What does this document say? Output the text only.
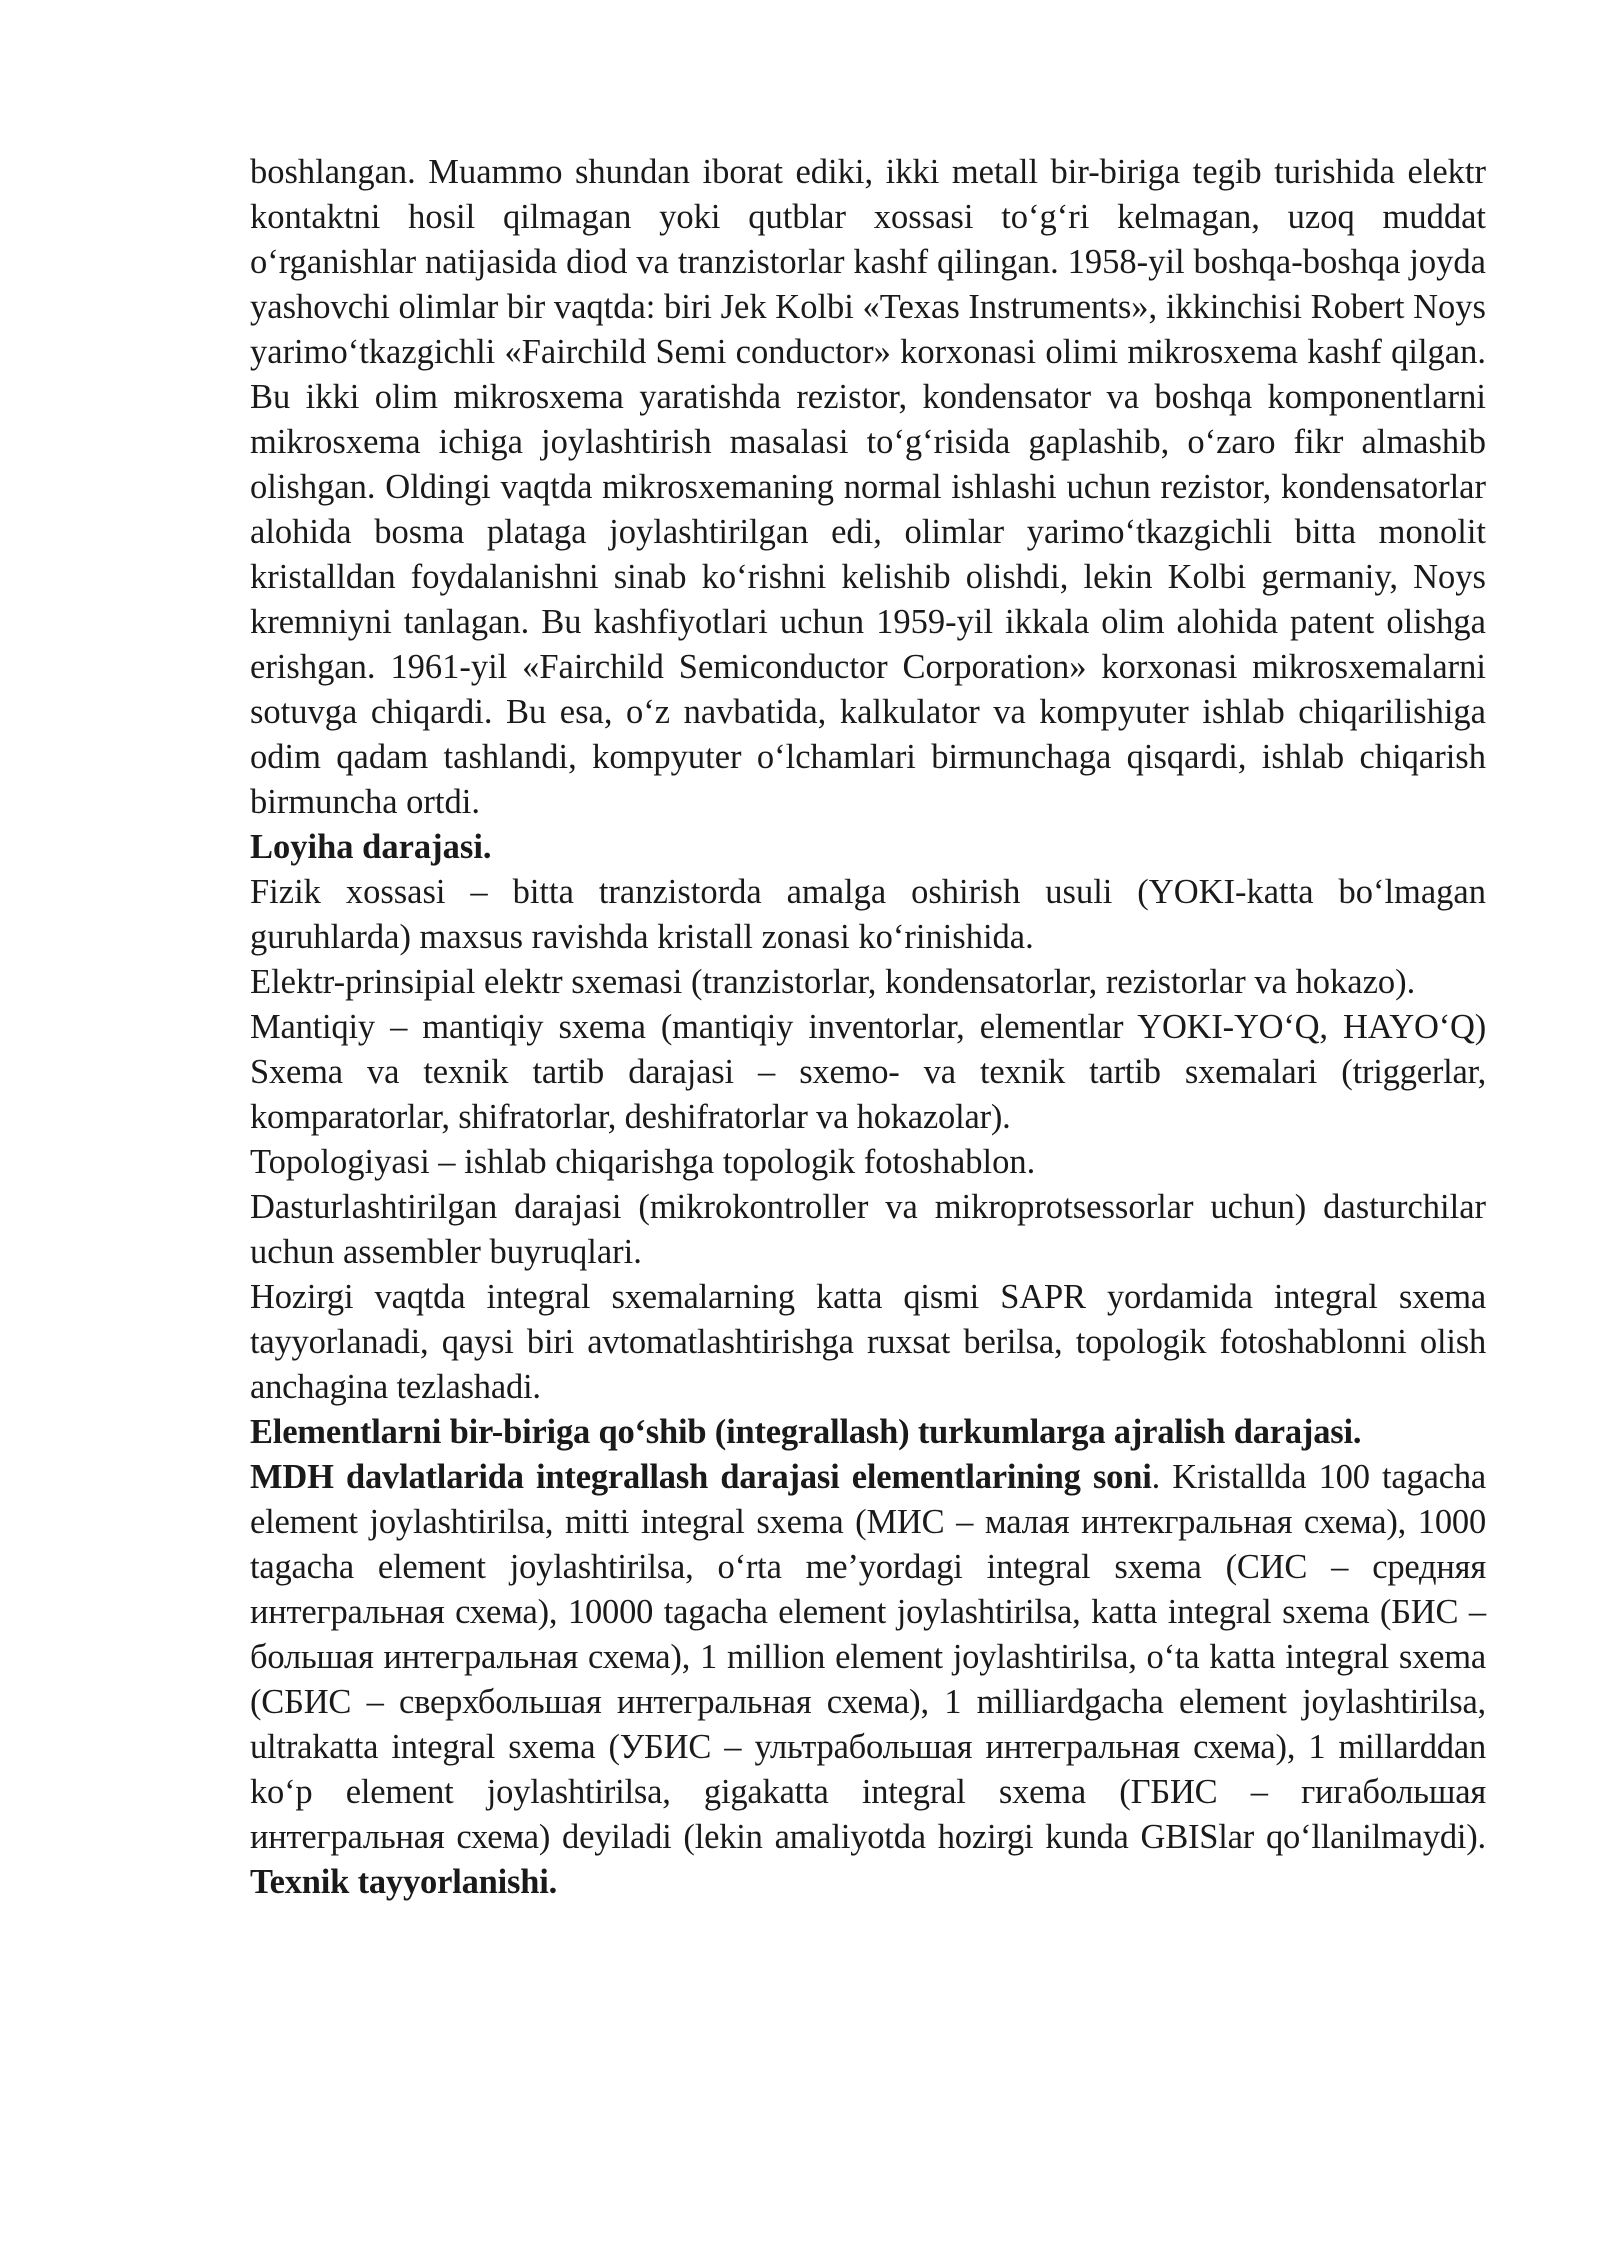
boshlangan. Muammo shundan iborat ediki, ikki metall bir-biriga tegib turishida elektr kontaktni hosil qilmagan yoki qutblar xossasi to‘g‘ri kelmagan, uzoq muddat o‘rganishlar natijasida diod va tranzistorlar kashf qilingan. 1958-yil boshqa-boshqa joyda yashovchi olimlar bir vaqtda: biri Jek Kolbi «Texas Instruments», ikkinchisi Robert Noys yarimo‘tkazgichli «Fairchild Semi conductor» korxonasi olimi mikrosxema kashf qilgan. Bu ikki olim mikrosxema yaratishda rezistor, kondensator va boshqa komponentlarni mikrosxema ichiga joylashtirish masalasi to‘g‘risida gaplashib, o‘zaro fikr almashib olishgan. Oldingi vaqtda mikrosxemaning normal ishlashi uchun rezistor, kondensatorlar alohida bosma plataga joylashtirilgan edi, olimlar yarimo‘tkazgichli bitta monolit kristalldan foydalanishni sinab ko‘rishni kelishib olishdi, lekin Kolbi germaniy, Noys kremniyni tanlagan. Bu kashfiyotlari uchun 1959-yil ikkala olim alohida patent olishga erishgan. 1961-yil «Fairchild Semiconductor Corporation» korxonasi mikrosxemalarni sotuvga chiqardi. Bu esa, o‘z navbatida, kalkulator va kompyuter ishlab chiqarilishiga odim qadam tashlandi, kompyuter o‘lchamlari birmunchaga qisqardi, ishlab chiqarish birmuncha ortdi.

Loyiha darajasi.

Fizik xossasi – bitta tranzistorda amalga oshirish usuli (YOKI-katta bo‘lmagan guruhlarda) maxsus ravishda kristall zonasi ko‘rinishida.

Elektr-prinsipial elektr sxemasi (tranzistorlar, kondensatorlar, rezistorlar va hokazo).

Mantiqiy – mantiqiy sxema (mantiqiy inventorlar, elementlar YOKI-YO‘Q, HAYO‘Q) Sxema va texnik tartib darajasi – sxemo- va texnik tartib sxemalari (triggerlar, komparatorlar, shifratorlar, deshifratorlar va hokazolar).

Topologiyasi – ishlab chiqarishga topologik fotoshablon.

Dasturlashtirilgan darajasi (mikrokontroller va mikroprotsessorlar uchun) dasturchilar uchun assembler buyruqlari.

Hozirgi vaqtda integral sxemalarning katta qismi SAPR yordamida integral sxema tayyorlanadi, qaysi biri avtomatlashtirishga ruxsat berilsa, topologik fotoshablonni olish anchagina tezlashadi.

Elementlarni bir-biriga qo‘shib (integrallash) turkumlarga ajralish darajasi.

MDH davlatlarida integrallash darajasi elementlarining soni. Kristallda 100 tagacha element joylashtirilsa, mitti integral sxema (МИС – малая интекгральная схема), 1000 tagacha element joylashtirilsa, o‘rta me’yordagi integral sxema (СИС – средняя интегральная схема), 10000 tagacha element joylashtirilsa, katta integral sxema (БИС – большая интегральная схема), 1 million element joylashtirilsa, o‘ta katta integral sxema (СБИС – сверхбольшая интегральная схема), 1 milliardgacha element joylashtirilsa, ultrakatta integral sxema (УБИС – ультрабольшая интегральная схема), 1 millarddan ko‘p element joylashtirilsa, gigakatta integral sxema (ГБИС – гигабольшая интегральная схема) deyiladi (lekin amaliyotda hozirgi kunda GBISlar qo‘llanilmaydi). Texnik tayyorlanishi.
